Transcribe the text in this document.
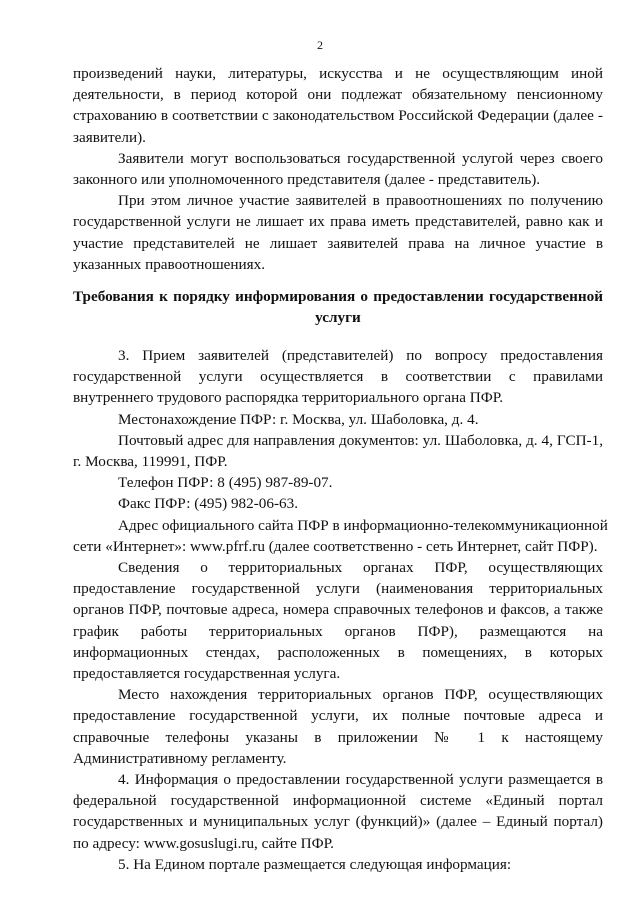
2
произведений науки, литературы, искусства и не осуществляющим иной
деятельности, в период которой они подлежат обязательному пенсионному
страхованию в соответствии с законодательством Российской Федерации (далее -
заявители).
Заявители могут воспользоваться государственной услугой через своего
законного или уполномоченного представителя (далее - представитель).
При этом личное участие заявителей в правоотношениях по получению
государственной услуги не лишает их права иметь представителей, равно как и
участие представителей не лишает заявителей права на личное участие в
указанных правоотношениях.
Требования к порядку информирования о предоставлении государственной
услуги
3. Прием заявителей (представителей) по вопросу предоставления
государственной услуги осуществляется в соответствии с правилами
внутреннего трудового распорядка территориального органа ПФР.
Местонахождение ПФР: г. Москва, ул. Шаболовка, д. 4.
Почтовый адрес для направления документов: ул. Шаболовка, д. 4, ГСП-1,
г. Москва, 119991, ПФР.
Телефон ПФР: 8 (495) 987-89-07.
Факс ПФР: (495) 982-06-63.
Адрес официального сайта ПФР в информационно-телекоммуникационной
сети «Интернет»: www.pfrf.ru (далее соответственно - сеть Интернет, сайт ПФР).
Сведения о территориальных органах ПФР, осуществляющих
предоставление государственной услуги (наименования территориальных
органов ПФР, почтовые адреса, номера справочных телефонов и факсов, а также
график работы территориальных органов ПФР), размещаются на
информационных стендах, расположенных в помещениях, в которых
предоставляется государственная услуга.
Место нахождения территориальных органов ПФР, осуществляющих
предоставление государственной услуги, их полные почтовые адреса и
справочные телефоны указаны в приложении № 1 к настоящему
Административному регламенту.
4. Информация о предоставлении государственной услуги размещается в
федеральной государственной информационной системе «Единый портал
государственных и муниципальных услуг (функций)» (далее – Единый портал)
по адресу: www.gosuslugi.ru, сайте ПФР.
5. На Едином портале размещается следующая информация:
